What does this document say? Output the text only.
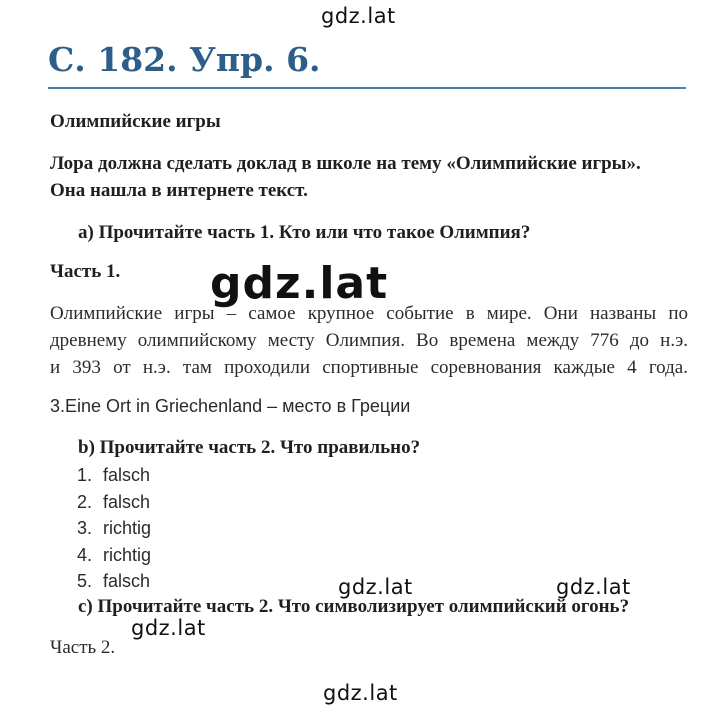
gdz.lat
С. 182. Упр. 6.
Олимпийские игры
Лора должна сделать доклад в школе на тему «Олимпийские игры».
Она нашла в интернете текст.
a) Прочитайте часть 1. Кто или что такое Олимпия?
Часть 1. gdz.lat
Олимпийские игры – самое крупное событие в мире. Они названы по
древнему олимпийскому месту Олимпия. Во времена между 776 до н.э.
и 393 от н.э. там проходили спортивные соревнования каждые 4 года.
3.Eine Ort in Griechenland – место в Греции
b) Прочитайте часть 2. Что правильно?
1. falsch
2. falsch
3. richtig
4. richtig
5. falsch	gdz.lat	gdz.lat
c) Прочитайте часть 2. Что символизирует олимпийский огонь?
gdz.lat
Часть 2.
gdz.lat
